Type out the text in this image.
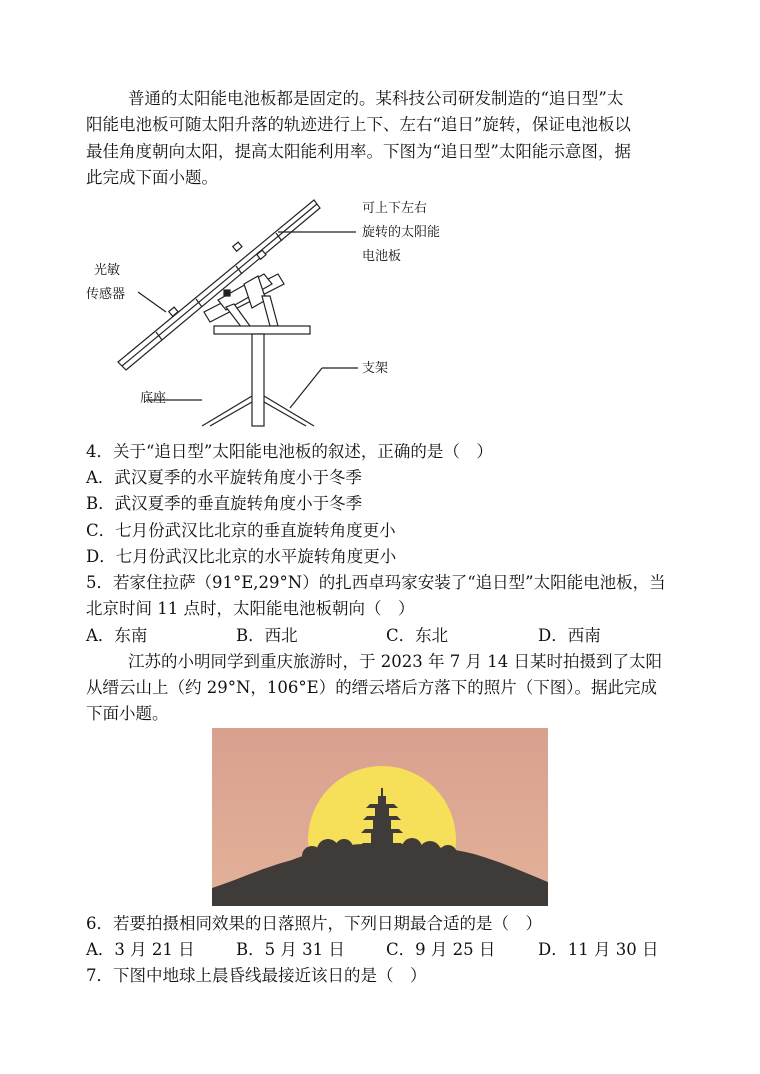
普通的太阳能电池板都是固定的。某科技公司研发制造的“追日型”太
阳能电池板可随太阳升落的轨迹进行上下、左右“追日”旋转，保证电池板以
最佳角度朝向太阳，提高太阳能利用率。下图为“追日型”太阳能示意图，据
此完成下面小题。
可上下左右
旋转的太阳能
电池板
光敏
传感器
支架
底座
4．关于“追日型”太阳能电池板的叙述，正确的是（　）
A．武汉夏季的水平旋转角度小于冬季
B．武汉夏季的垂直旋转角度小于冬季
C．七月份武汉比北京的垂直旋转角度更小
D．七月份武汉比北京的水平旋转角度更小
5．若家住拉萨（91°E,29°N）的扎西卓玛家安装了“追日型”太阳能电池板，当
北京时间 11 点时，太阳能电池板朝向（　）
A．东南	B．西北	C．东北	D．西南
江苏的小明同学到重庆旅游时，于 2023 年 7 月 14 日某时拍摄到了太阳
从缙云山上（约 29°N，106°E）的缙云塔后方落下的照片（下图）。据此完成
下面小题。
6．若要拍摄相同效果的日落照片，下列日期最合适的是（　）
A．3 月 21 日	B．5 月 31 日 C．9 月 25 日	D．11 月 30 日
7．下图中地球上晨昏线最接近该日的是（　）
